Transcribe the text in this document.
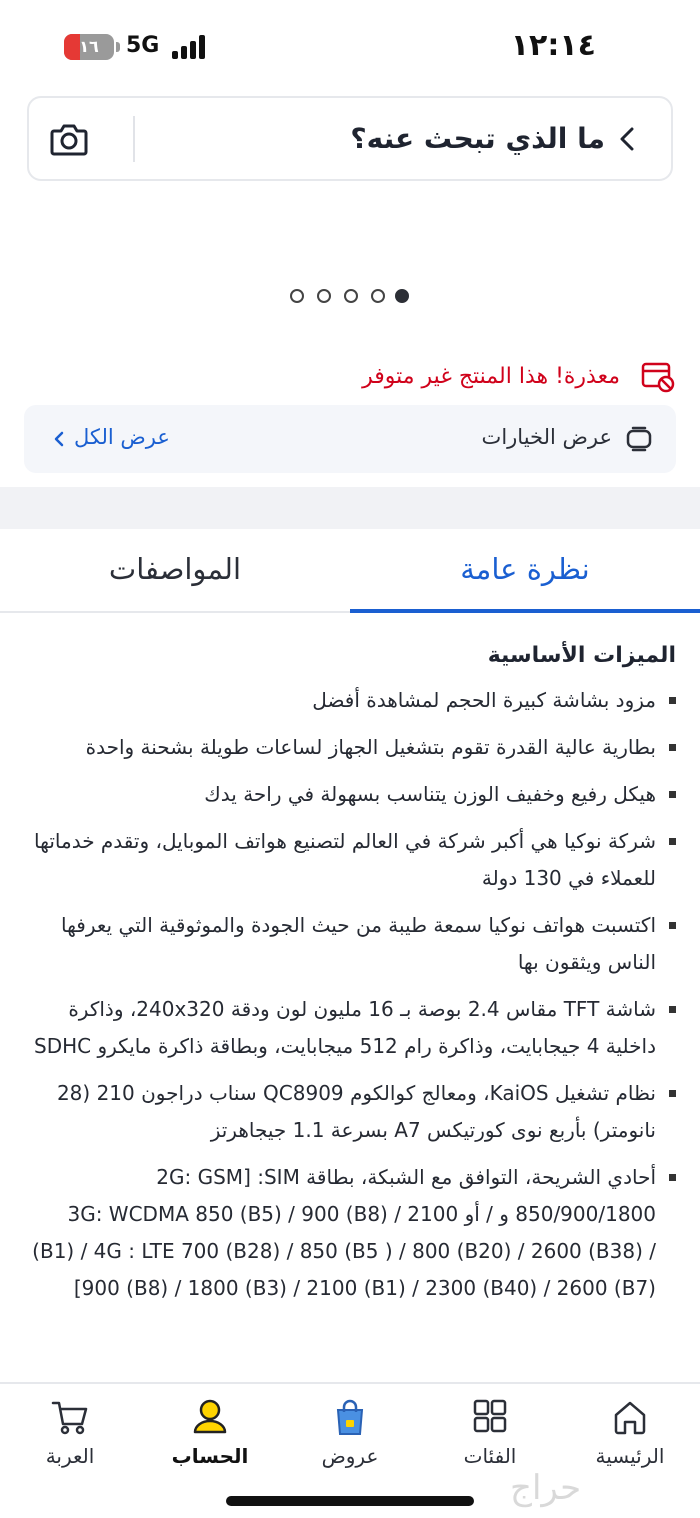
١٢:١٤
١٦	5G
ما الذي تبحث عنه؟
معذرة! هذا المنتج غير متوفر
عرض الخيارات
عرض الكل
نظرة عامة
المواصفات
الميزات الأساسية
مزود بشاشة كبيرة الحجم لمشاهدة أفضل
بطارية عالية القدرة تقوم بتشغيل الجهاز لساعات طويلة بشحنة واحدة
هيكل رفيع وخفيف الوزن يتناسب بسهولة في راحة يدك
شركة نوكيا هي أكبر شركة في العالم لتصنيع هواتف الموبايل، وتقدم خدماتها للعملاء في 130 دولة
اكتسبت هواتف نوكيا سمعة طيبة من حيث الجودة والموثوقية التي يعرفها الناس ويثقون بها
شاشة TFT مقاس 2.4 بوصة بـ 16 مليون لون ودقة 240x320، وذاكرة داخلية 4 جيجابايت، وذاكرة رام 512 ميجابايت، وبطاقة ذاكرة مايكرو SDHC
نظام تشغيل KaiOS، ومعالج كوالكوم QC8909 سناب دراجون 210 (28 نانومتر) بأربع نوى كورتيكس A7 بسرعة 1.1 جيجاهرتز
أحادي الشريحة، التوافق مع الشبكة، بطاقة SIM: [2G: GSM 850/900/1800 و / أو 3G: WCDMA 850 (B5) / 900 (B8) / 2100 (B1) / 4G : LTE 700 (B28) / 850 (B5 ) / 800 (B20) / 2600 (B38) / 900 (B8) / 1800 (B3) / 2100 (B1) / 2300 (B40) / 2600 (B7)]
الرئيسية
الفئات
عروض
الحساب
العربة
حراج
